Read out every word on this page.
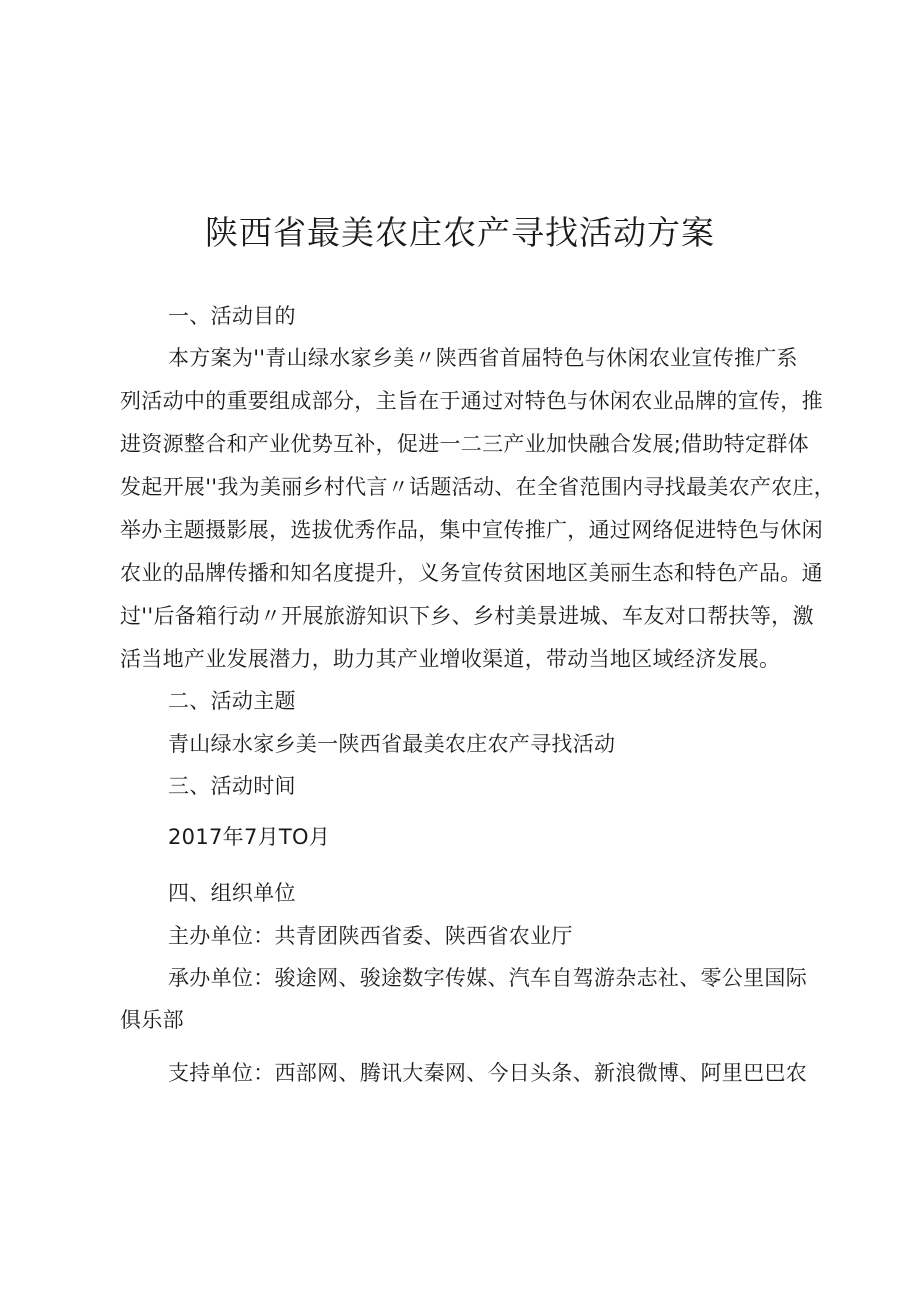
陕西省最美农庄农产寻找活动方案
一、活动目的
本方案为''青山绿水家乡美〃陕西省首届特色与休闲农业宣传推广系
列活动中的重要组成部分，主旨在于通过对特色与休闲农业品牌的宣传，推
进资源整合和产业优势互补，促进一二三产业加快融合发展;借助特定群体
发起开展''我为美丽乡村代言〃话题活动、在全省范围内寻找最美农产农庄，
举办主题摄影展，选拔优秀作品，集中宣传推广，通过网络促进特色与休闲
农业的品牌传播和知名度提升，义务宣传贫困地区美丽生态和特色产品。通
过''后备箱行动〃开展旅游知识下乡、乡村美景进城、车友对口帮扶等，激
活当地产业发展潜力，助力其产业增收渠道，带动当地区域经济发展。
二、活动主题
青山绿水家乡美一陕西省最美农庄农产寻找活动
三、活动时间
2017年7月TO月
四、组织单位
主办单位：共青团陕西省委、陕西省农业厅
承办单位：骏途网、骏途数字传媒、汽车自驾游杂志社、零公里国际
俱乐部
支持单位：西部网、腾讯大秦网、今日头条、新浪微博、阿里巴巴农
